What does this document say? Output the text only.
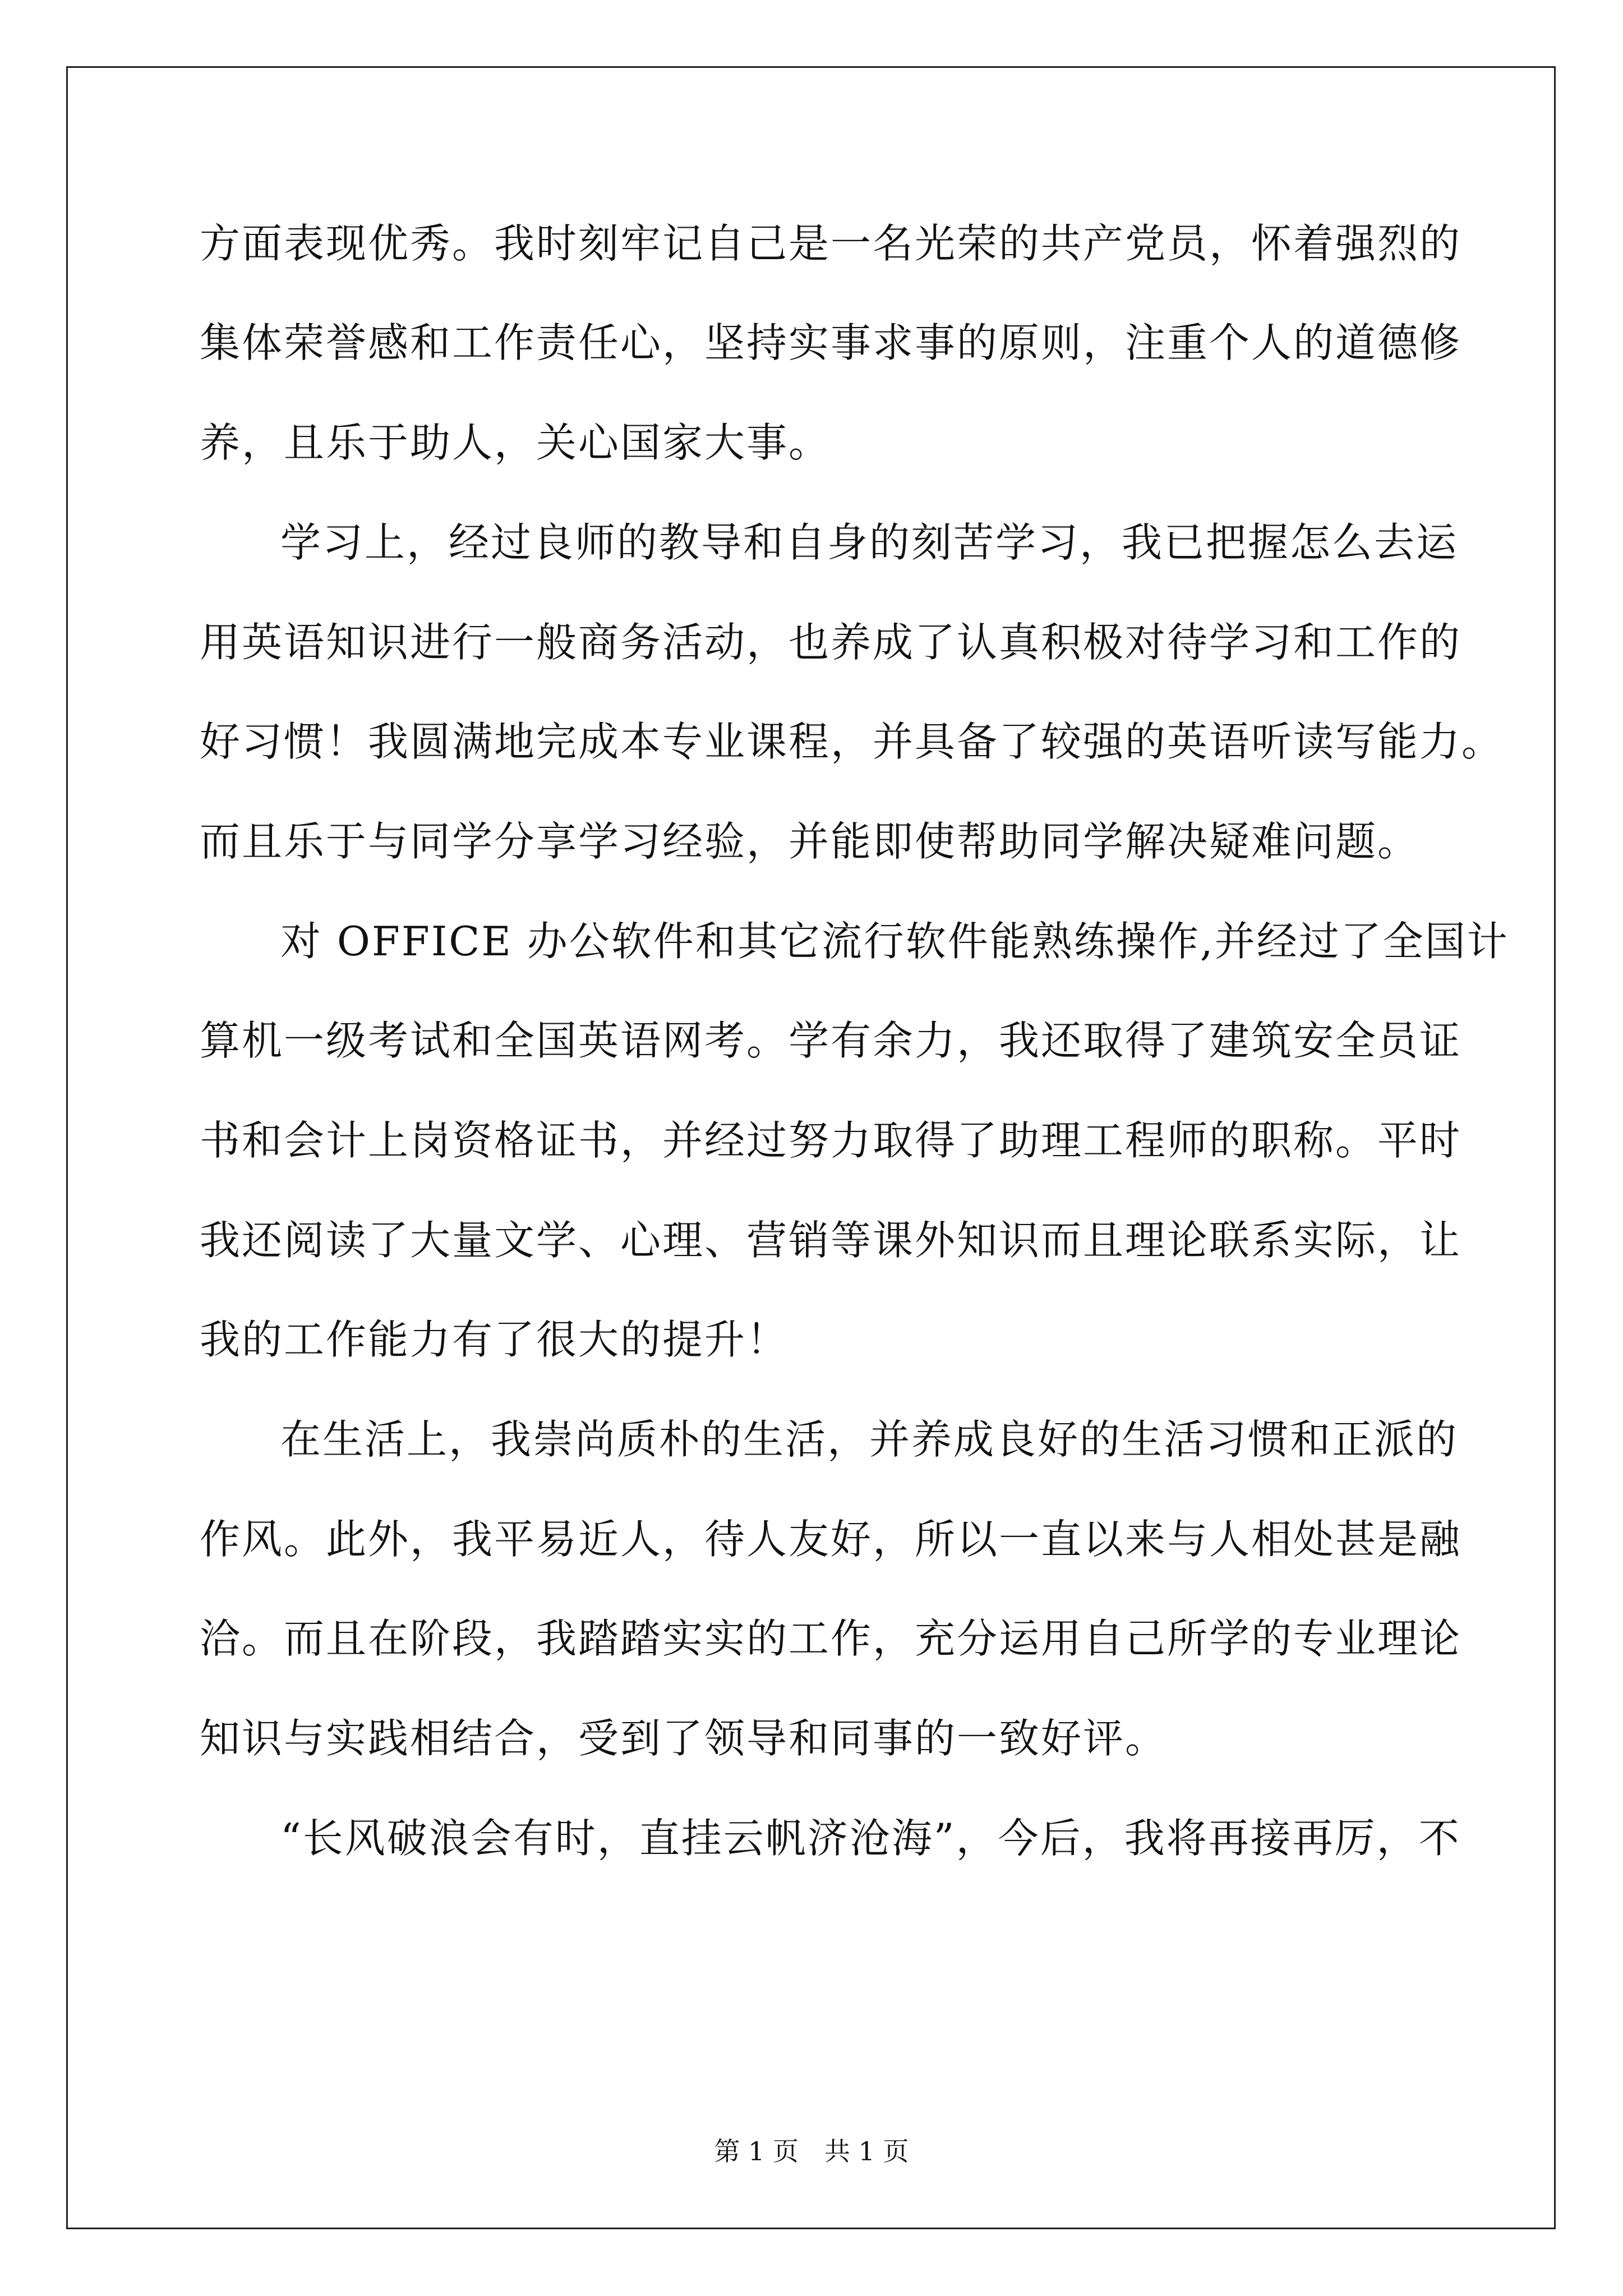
方面表现优秀。我时刻牢记自己是一名光荣的共产党员，怀着强烈的
集体荣誉感和工作责任心，坚持实事求事的原则，注重个人的道德修
养，且乐于助人，关心国家大事。
学习上，经过良师的教导和自身的刻苦学习，我已把握怎么去运
用英语知识进行一般商务活动，也养成了认真积极对待学习和工作的
好习惯！我圆满地完成本专业课程，并具备了较强的英语听读写能力。
而且乐于与同学分享学习经验，并能即使帮助同学解决疑难问题。
对 OFFICE 办公软件和其它流行软件能熟练操作,并经过了全国计
算机一级考试和全国英语网考。学有余力，我还取得了建筑安全员证
书和会计上岗资格证书，并经过努力取得了助理工程师的职称。平时
我还阅读了大量文学、心理、营销等课外知识而且理论联系实际，让
我的工作能力有了很大的提升！
在生活上，我崇尚质朴的生活，并养成良好的生活习惯和正派的
作风。此外，我平易近人，待人友好，所以一直以来与人相处甚是融
洽。而且在阶段，我踏踏实实的工作，充分运用自己所学的专业理论
知识与实践相结合，受到了领导和同事的一致好评。
“长风破浪会有时，直挂云帆济沧海”，今后，我将再接再厉，不
第 1 页　共 1 页
